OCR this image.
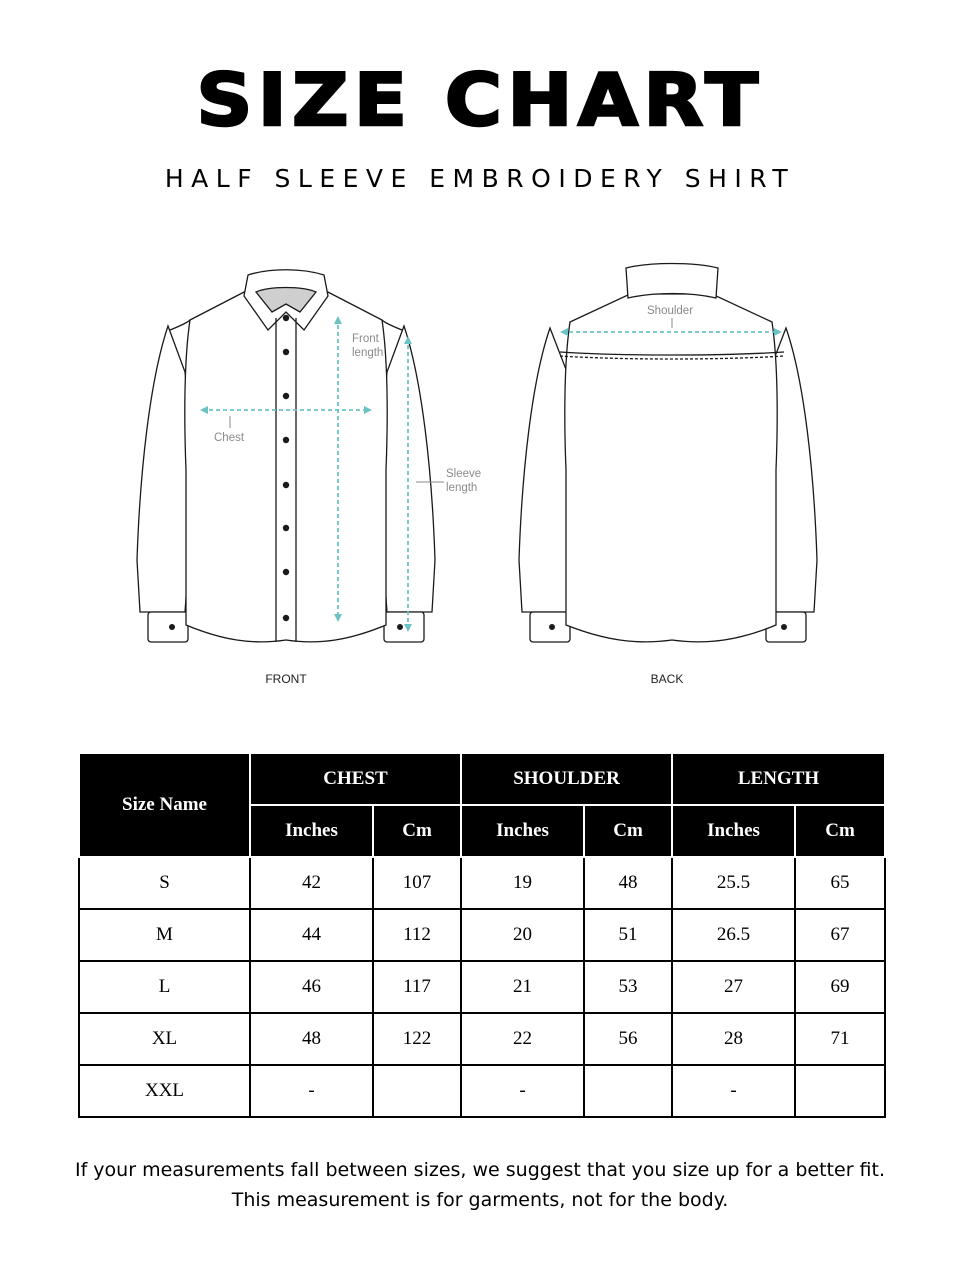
SIZE CHART
HALF SLEEVE EMBROIDERY SHIRT
Front
length
Chest
Sleeve
length
Shoulder
FRONT	BACK
Size Name	CHEST		SHOULDER		LENGTH	
	Inches	Cm	Inches	Cm	Inches	Cm
S	42	107	19	48	25.5	65
M	44	112	20	51	26.5	67
L	46	117	21	53	27	69
XL	48	122	22	56	28	71
XXL	-		-		-	
If your measurements fall between sizes, we suggest that you size up for a better fit.
This measurement is for garments, not for the body.
